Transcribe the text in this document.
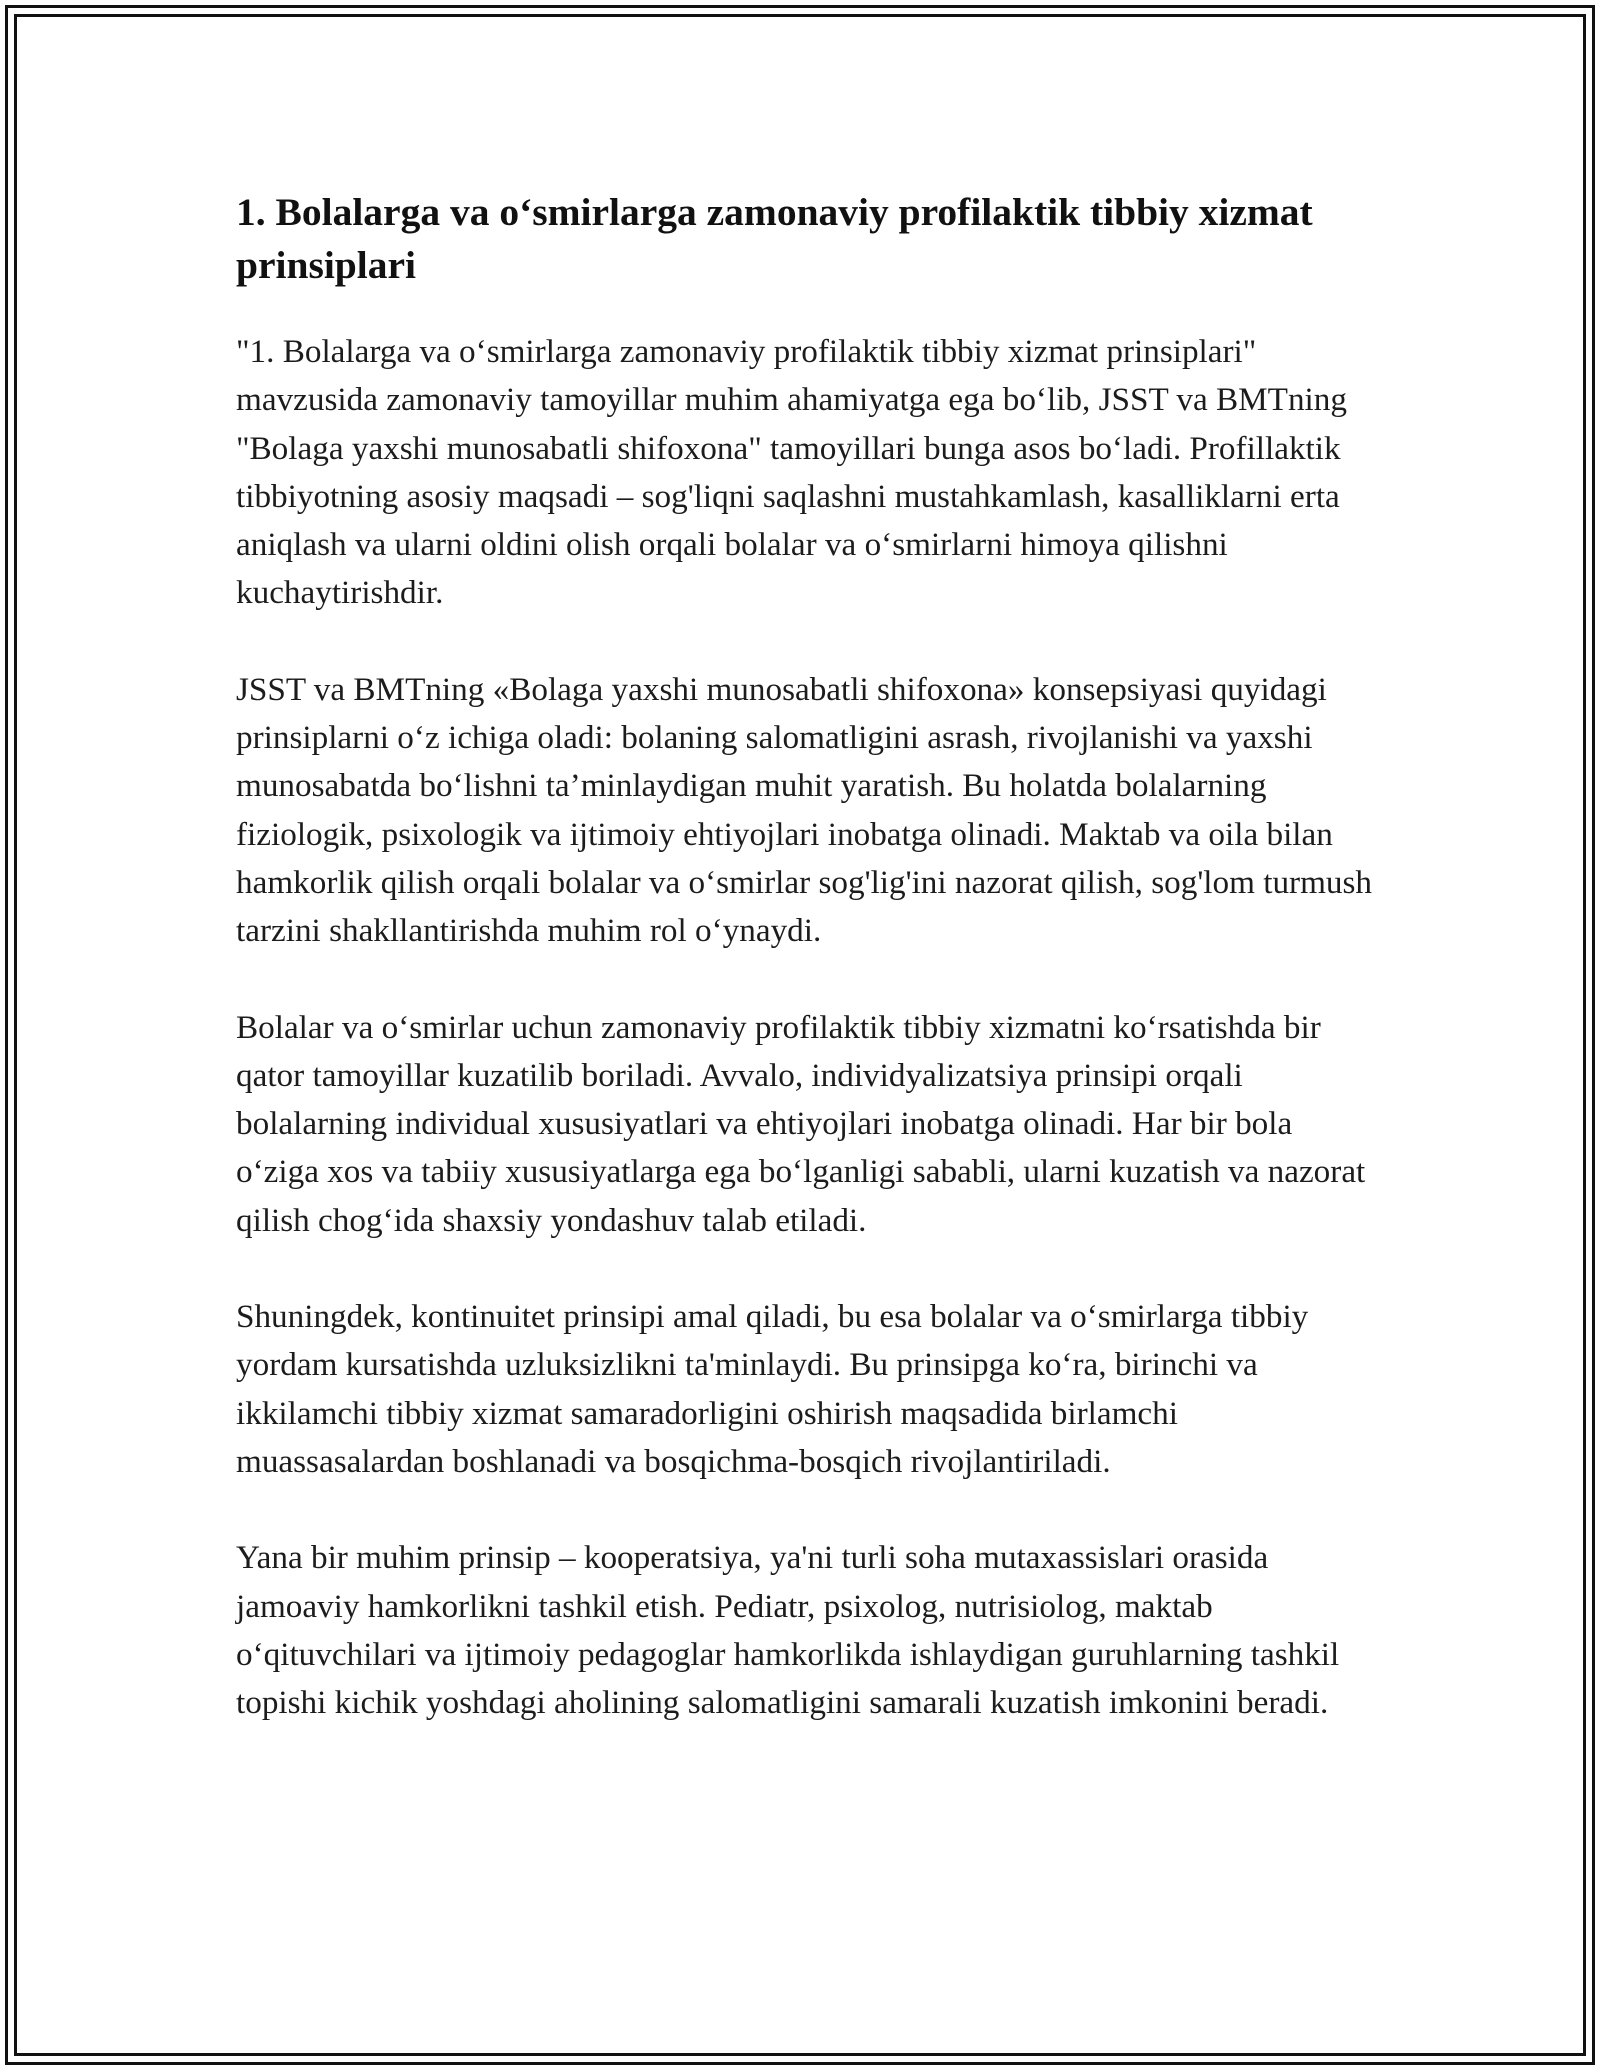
1. Bolalarga va o‘smirlarga zamonaviy profilaktik tibbiy xizmat prinsiplari

"1. Bolalarga va o‘smirlarga zamonaviy profilaktik tibbiy xizmat prinsiplari" mavzusida zamonaviy tamoyillar muhim ahamiyatga ega bo‘lib, JSST va BMTning "Bolaga yaxshi munosabatli shifoxona" tamoyillari bunga asos bo‘ladi. Profillaktik tibbiyotning asosiy maqsadi – sog'liqni saqlashni mustahkamlash, kasalliklarni erta aniqlash va ularni oldini olish orqali bolalar va o‘smirlarni himoya qilishni kuchaytirishdir.

JSST va BMTning «Bolaga yaxshi munosabatli shifoxona» konsepsiyasi quyidagi prinsiplarni o‘z ichiga oladi: bolaning salomatligini asrash, rivojlanishi va yaxshi munosabatda bo‘lishni ta’minlaydigan muhit yaratish. Bu holatda bolalarning fiziologik, psixologik va ijtimoiy ehtiyojlari inobatga olinadi. Maktab va oila bilan hamkorlik qilish orqali bolalar va o‘smirlar sog'lig'ini nazorat qilish, sog'lom turmush tarzini shakllantirishda muhim rol o‘ynaydi.

Bolalar va o‘smirlar uchun zamonaviy profilaktik tibbiy xizmatni ko‘rsatishda bir qator tamoyillar kuzatilib boriladi. Avvalo, individyalizatsiya prinsipi orqali bolalarning individual xususiyatlari va ehtiyojlari inobatga olinadi. Har bir bola o‘ziga xos va tabiiy xususiyatlarga ega bo‘lganligi sababli, ularni kuzatish va nazorat qilish chog‘ida shaxsiy yondashuv talab etiladi.

Shuningdek, kontinuitet prinsipi amal qiladi, bu esa bolalar va o‘smirlarga tibbiy yordam kursatishda uzluksizlikni ta'minlaydi. Bu prinsipga ko‘ra, birinchi va ikkilamchi tibbiy xizmat samaradorligini oshirish maqsadida birlamchi muassasalardan boshlanadi va bosqichma-bosqich rivojlantiriladi.

Yana bir muhim prinsip – kooperatsiya, ya'ni turli soha mutaxassislari orasida jamoaviy hamkorlikni tashkil etish. Pediatr, psixolog, nutrisiolog, maktab o‘qituvchilari va ijtimoiy pedagoglar hamkorlikda ishlaydigan guruhlarning tashkil topishi kichik yoshdagi aholining salomatligini samarali kuzatish imkonini beradi.
